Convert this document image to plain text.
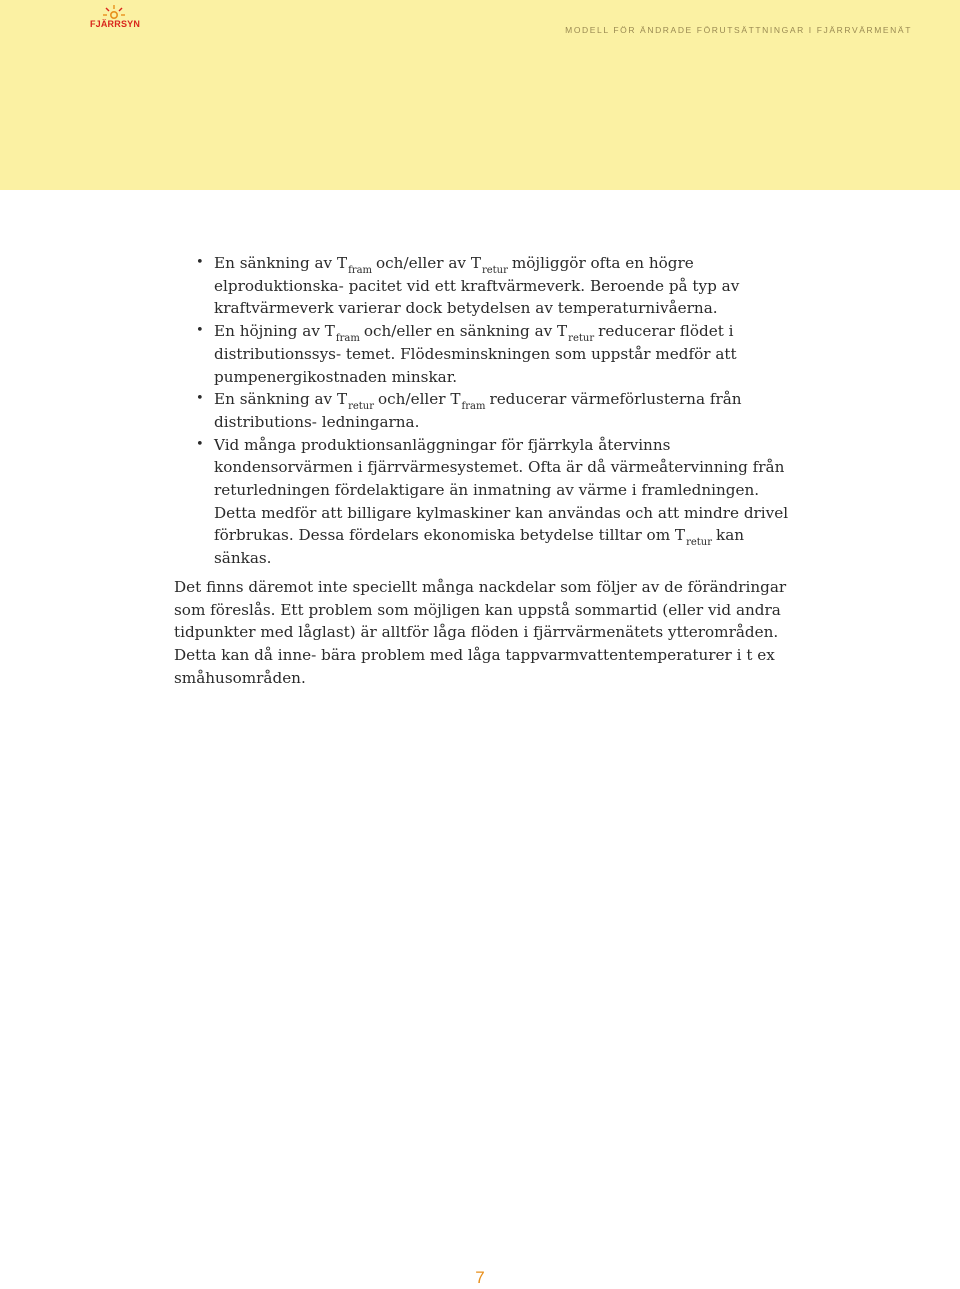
FJÄRRSYN
MODELL FÖR ÄNDRADE FÖRUTSÄTTNINGAR I FJÄRRVÄRMENÄT
• En sänkning av $T_{fram}$ och/eller av $T_{retur}$ möjliggör ofta en högre elproduktionska- pacitet vid ett kraftvärmeverk. Beroende på typ av kraftvärmeverk varierar dock betydelsen av temperaturnivåerna.
• En höjning av $T_{fram}$ och/eller en sänkning av $T_{retur}$ reducerar flödet i distributionssys- temet. Flödesminskningen som uppstår medför att pumpenergikostnaden minskar.
• En sänkning av $T_{retur}$ och/eller $T_{fram}$ reducerar värmeförlusterna från distributions- ledningarna.
• Vid många produktionsanläggningar för fjärrkyla återvinns kondensorvärmen i fjärrvärmesystemet. Ofta är då värmeåtervinning från returledningen fördelaktigare än inmatning av värme i framledningen. Detta medför att billigare kylmaskiner kan användas och att mindre drivel förbrukas. Dessa fördelars ekonomiska betydelse tilltar om $T_{retur}$ kan sänkas.

Det finns däremot inte speciellt många nackdelar som följer av de förändringar som föreslås. Ett problem som möjligen kan uppstå sommartid (eller vid andra tidpunkter med låglast) är alltför låga flöden i fjärrvärmenätets ytterområden. Detta kan då inne- bära problem med låga tappvarmvattentemperaturer i t ex småhusområden.

7
